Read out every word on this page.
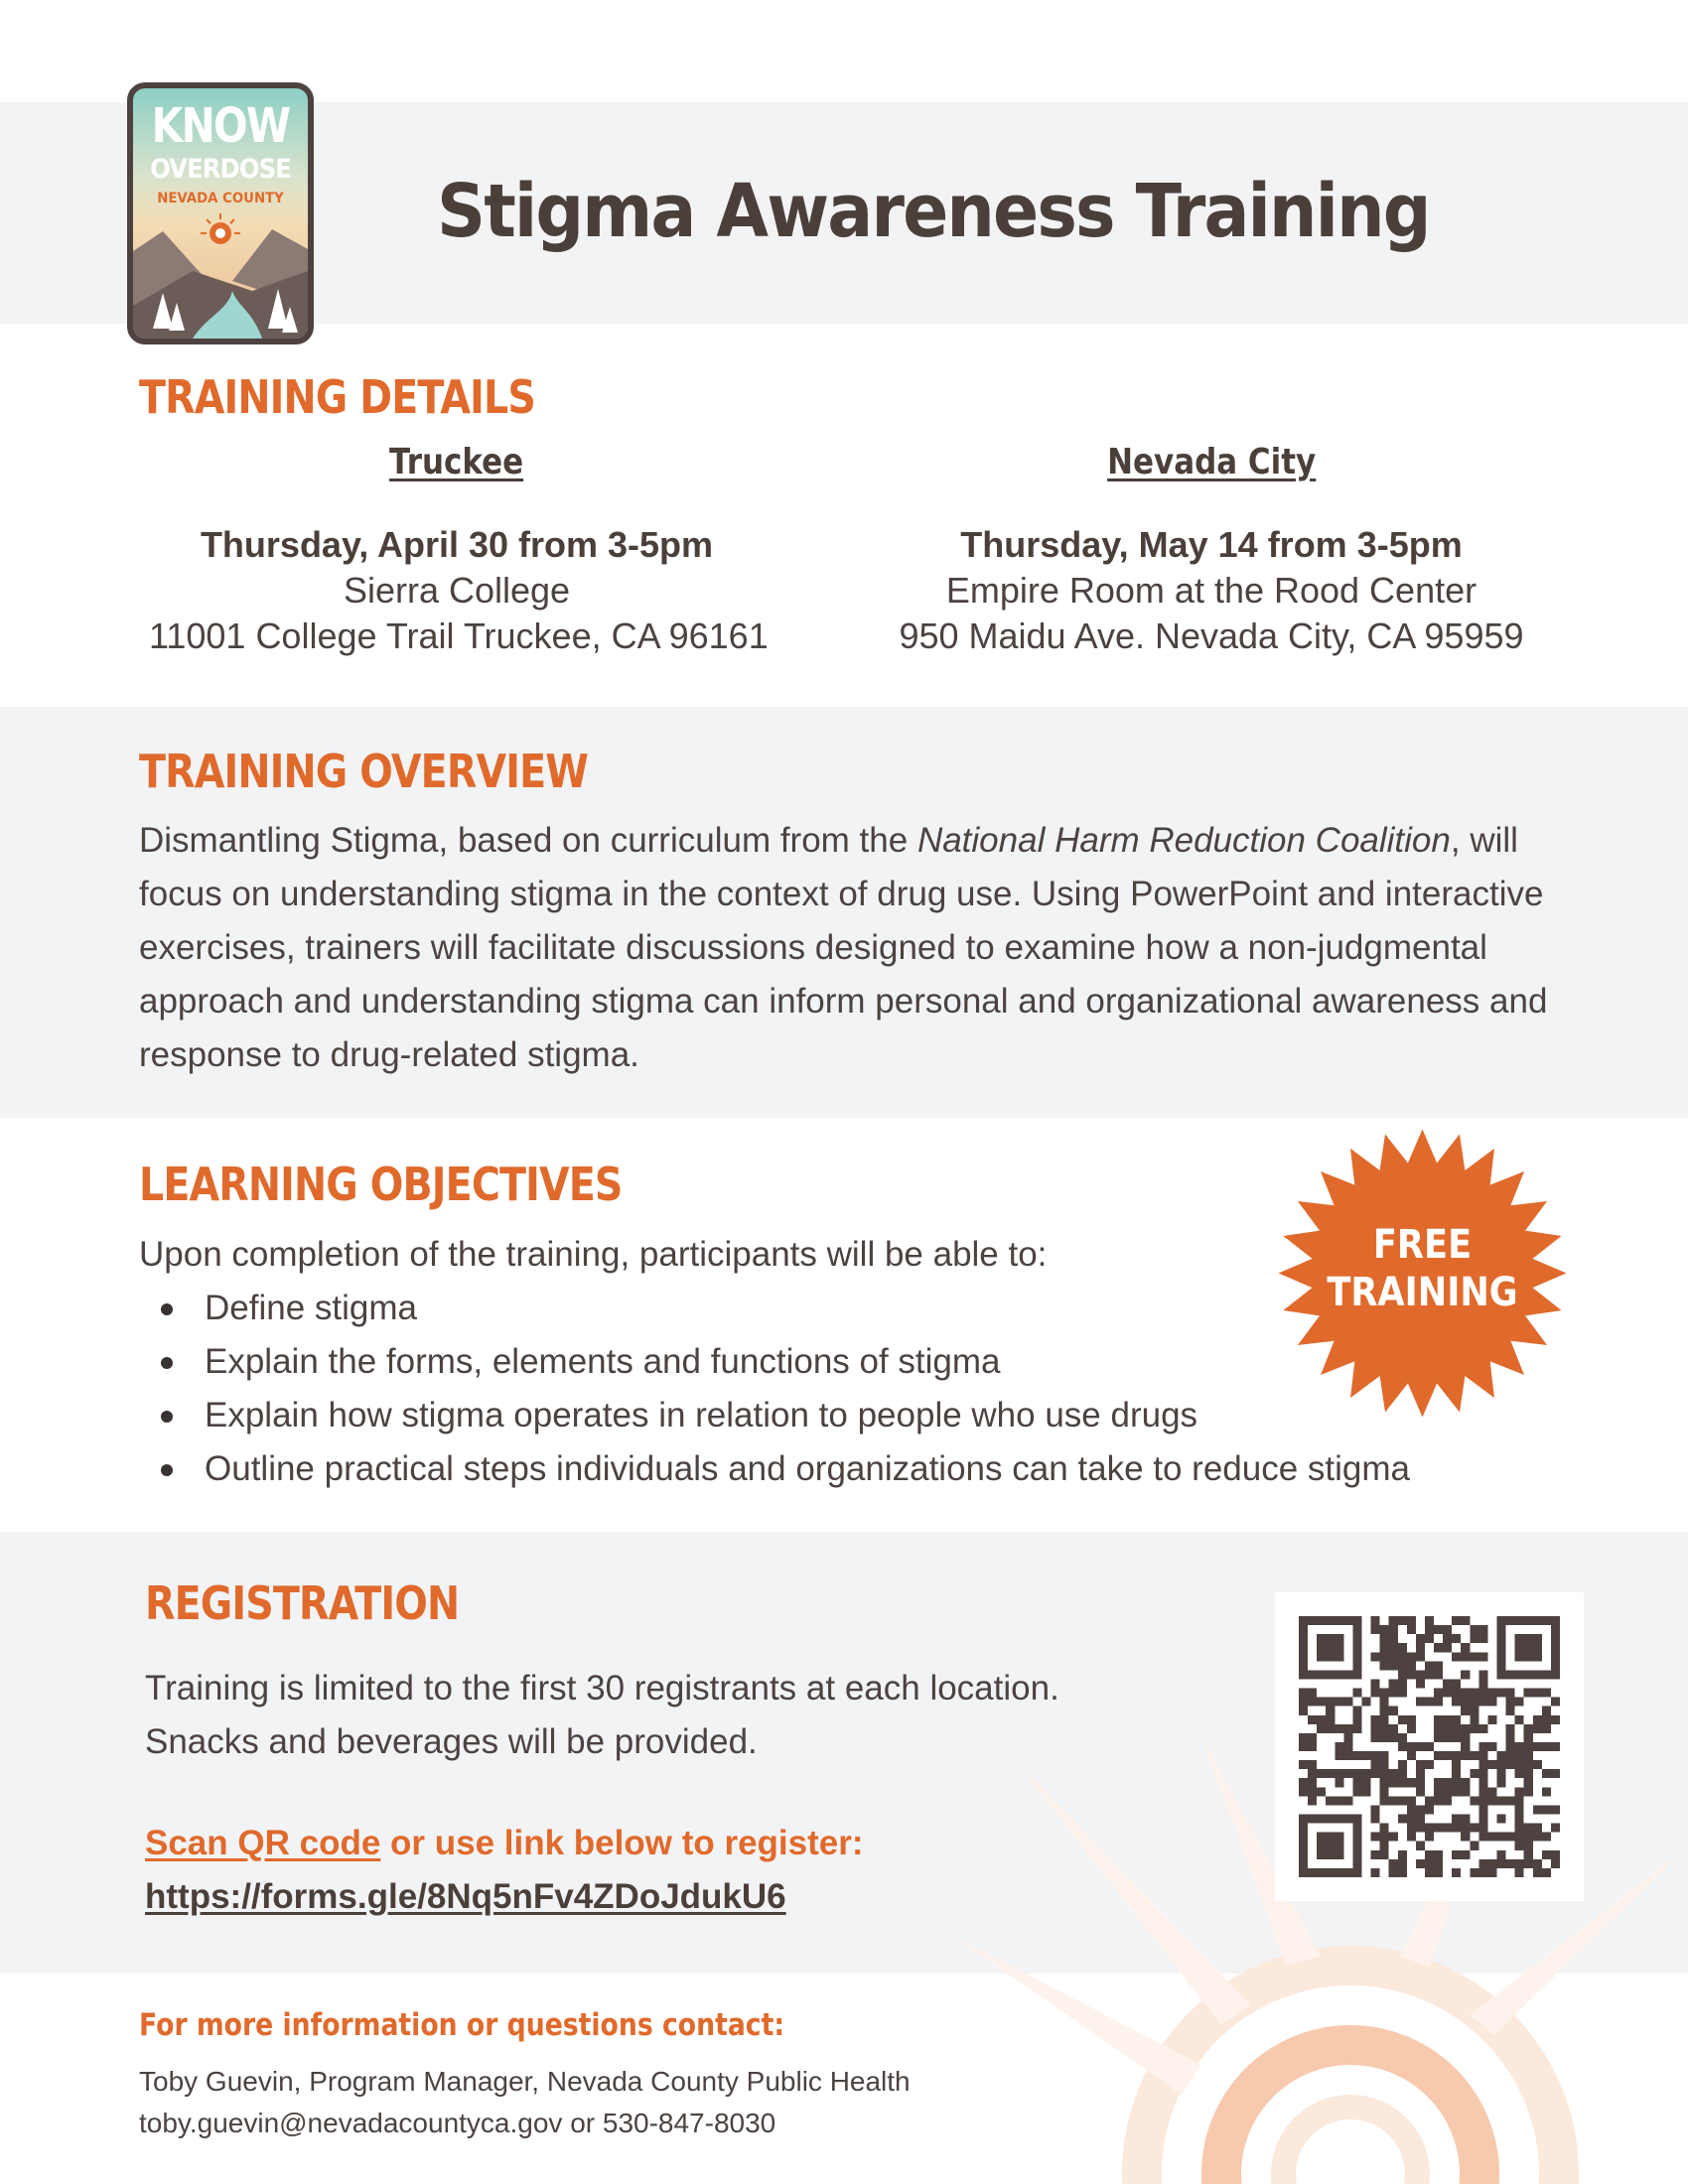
KNOW
OVERDOSE
NEVADA COUNTY Stigma Awareness Training
TRAINING DETAILS
Truckee
Thursday, April 30 from 3-5pm
Sierra College
11001 College Trail Truckee, CA 96161
Nevada City
Thursday, May 14 from 3-5pm
Empire Room at the Rood Center
950 Maidu Ave. Nevada City, CA 95959
TRAINING OVERVIEW

Dismantling Stigma, based on curriculum from the National Harm Reduction Coalition, will focus on understanding stigma in the context of drug use. Using PowerPoint and interactive exercises, trainers will facilitate discussions designed to examine how a non-judgmental approach and understanding stigma can inform personal and organizational awareness and response to drug-related stigma.

LEARNING OBJECTIVES

Upon completion of the training, participants will be able to:

Define stigma
Explain the forms, elements and functions of stigma
Explain how stigma operates in relation to people who use drugs
Outline practical steps individuals and organizations can take to reduce stigma
FREE
TRAINING
REGISTRATION

Training is limited to the first 30 registrants at each location. Snacks and beverages will be provided.

Scan QR code or use link below to register:
https://forms.gle/8Nq5nFv4ZDoJdukU6
For more information or questions contact:
Toby Guevin, Program Manager, Nevada County Public Health
toby.guevin@nevadacountyca.gov or 530-847-8030
